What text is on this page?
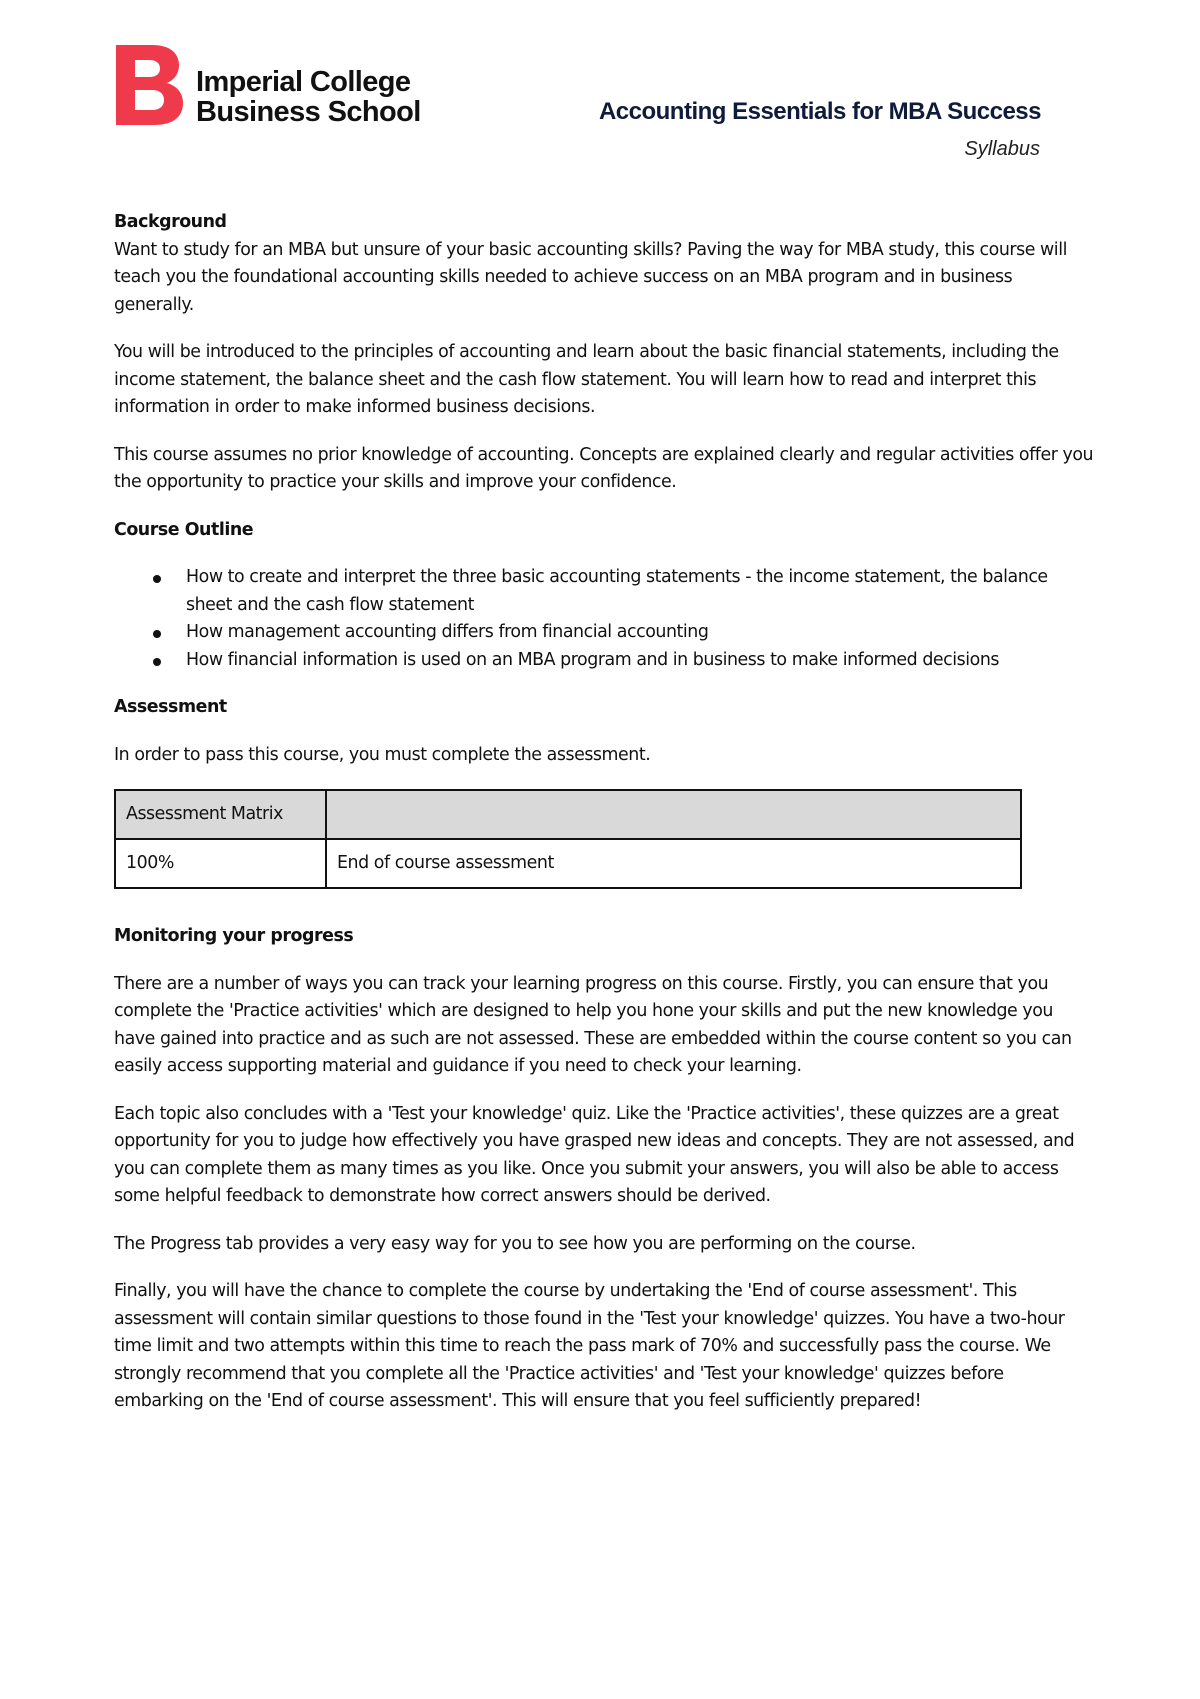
Imperial College
Business School	Accounting Essentials for MBA Success
Syllabus
Background

Want to study for an MBA but unsure of your basic accounting skills? Paving the way for MBA study, this course will teach you the foundational accounting skills needed to achieve success on an MBA program and in business generally.

You will be introduced to the principles of accounting and learn about the basic financial statements, including the income statement, the balance sheet and the cash flow statement. You will learn how to read and interpret this information in order to make informed business decisions.

This course assumes no prior knowledge of accounting. Concepts are explained clearly and regular activities offer you the opportunity to practice your skills and improve your confidence.

Course Outline
How to create and interpret the three basic accounting statements - the income statement, the balance sheet and the cash flow statement
How management accounting differs from financial accounting
How financial information is used on an MBA program and in business to make informed decisions
Assessment

In order to pass this course, you must complete the assessment.

Assessment Matrix	
100%	End of course assessment
Monitoring your progress

There are a number of ways you can track your learning progress on this course. Firstly, you can ensure that you complete the 'Practice activities' which are designed to help you hone your skills and put the new knowledge you have gained into practice and as such are not assessed. These are embedded within the course content so you can easily access supporting material and guidance if you need to check your learning.

Each topic also concludes with a 'Test your knowledge' quiz. Like the 'Practice activities', these quizzes are a great opportunity for you to judge how effectively you have grasped new ideas and concepts. They are not assessed, and you can complete them as many times as you like. Once you submit your answers, you will also be able to access some helpful feedback to demonstrate how correct answers should be derived.

The Progress tab provides a very easy way for you to see how you are performing on the course.

Finally, you will have the chance to complete the course by undertaking the 'End of course assessment'. This assessment will contain similar questions to those found in the 'Test your knowledge' quizzes. You have a two-hour time limit and two attempts within this time to reach the pass mark of 70% and successfully pass the course. We strongly recommend that you complete all the 'Practice activities' and 'Test your knowledge' quizzes before embarking on the 'End of course assessment'. This will ensure that you feel sufficiently prepared!
